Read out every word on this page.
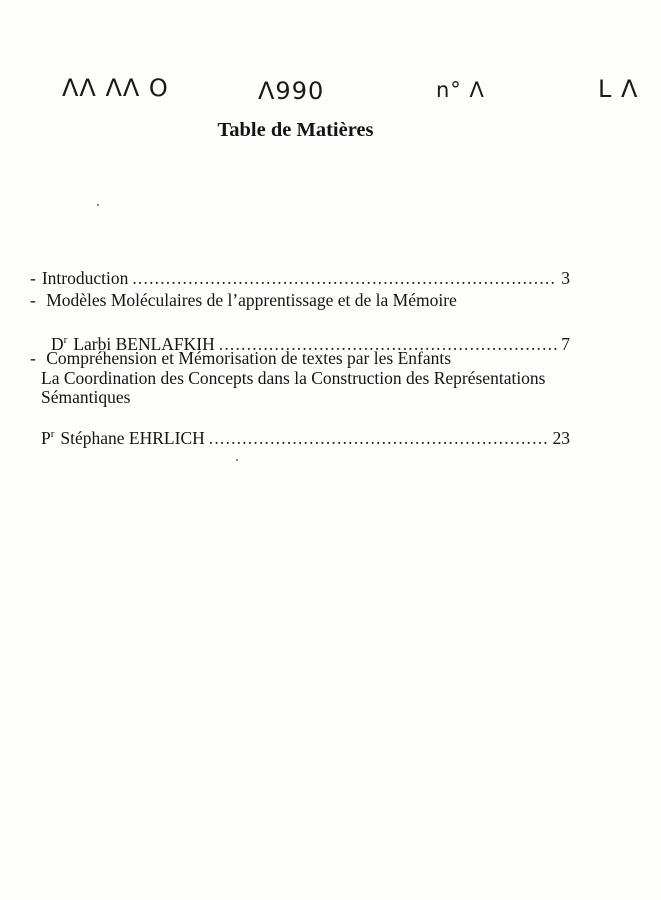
ΛΛ ΛΛ Ο	Λ990	n° Λ	L Λ
Table de Matières
- Introduction .....	3
- Modèles Moléculaires de l’apprentissage et de la Mémoire
$D^r$ Larbi BENLAFKIH .....	7
- Compréhension et Mémorisation de textes par les Enfants
La Coordination des Concepts dans la Construction des Représentations
Sémantiques
$P^r$ Stéphane EHRLICH .....	23
